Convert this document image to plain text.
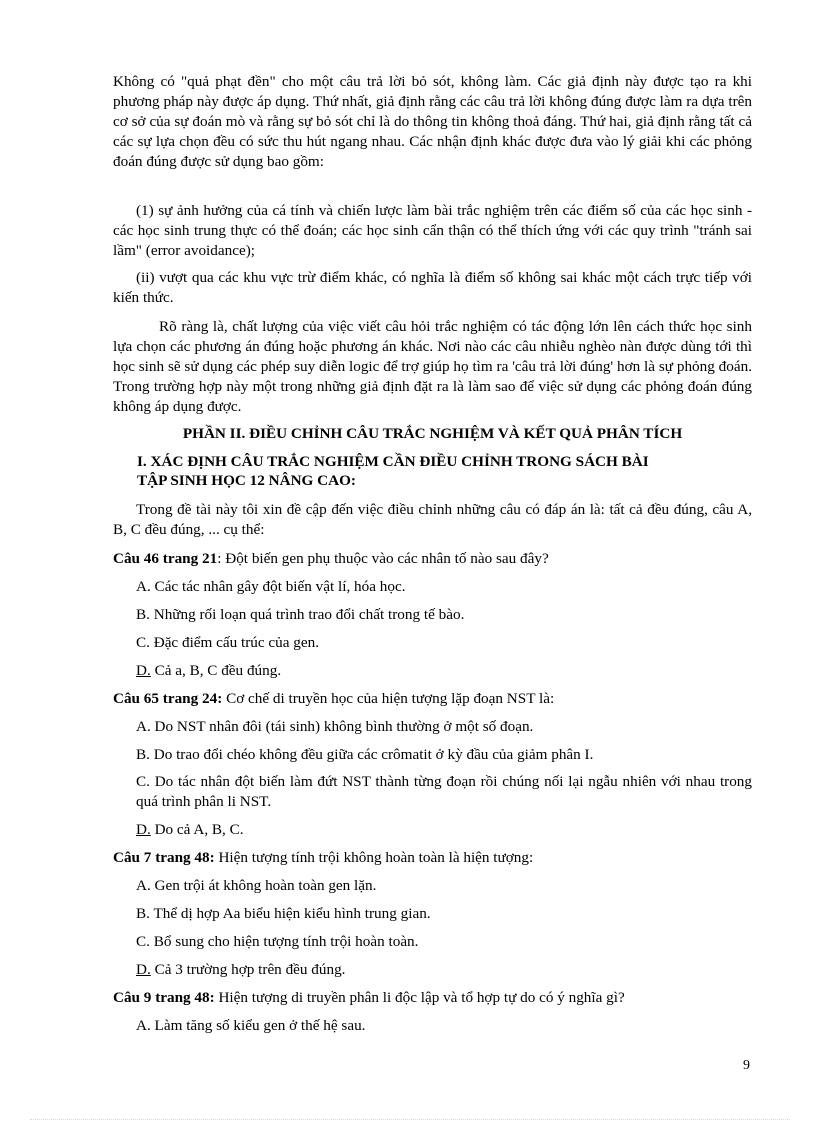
Không có "quả phạt đền" cho một câu trả lời bỏ sót, không làm. Các giả định này được tạo ra khi phương pháp này được áp dụng. Thứ nhất, giả định rằng các câu trả lời không đúng được làm ra dựa trên cơ sở của sự đoán mò và rằng sự bỏ sót chỉ là do thông tin không thoả đáng. Thứ hai, giả định rằng tất cả các sự lựa chọn đều có sức thu hút ngang nhau. Các nhận định khác được đưa vào lý giải khi các phỏng đoán đúng được sử dụng bao gồm:

(1) sự ảnh hưởng của cá tính và chiến lược làm bài trắc nghiệm trên các điểm số của các học sinh - các học sinh trung thực có thể đoán; các học sinh cẩn thận có thể thích ứng với các quy trình "tránh sai lầm" (error avoidance);

(ii) vượt qua các khu vực trừ điểm khác, có nghĩa là điểm số không sai khác một cách trực tiếp với kiến thức.

Rõ ràng là, chất lượng của việc viết câu hỏi trắc nghiệm có tác động lớn lên cách thức học sinh lựa chọn các phương án đúng hoặc phương án khác. Nơi nào các câu nhiễu nghèo nàn được dùng tới thì học sinh sẽ sử dụng các phép suy diễn logic để trợ giúp họ tìm ra 'câu trả lời đúng' hơn là sự phỏng đoán. Trong trường hợp này một trong những giả định đặt ra là làm sao để việc sử dụng các phỏng đoán đúng không áp dụng được.

PHẦN II. ĐIỀU CHỈNH CÂU TRẮC NGHIỆM VÀ KẾT QUẢ PHÂN TÍCH
I. XÁC ĐỊNH CÂU TRẮC NGHIỆM CẦN ĐIỀU CHỈNH TRONG SÁCH BÀI
TẬP SINH HỌC 12 NÂNG CAO:
Trong đề tài này tôi xin đề cập đến việc điều chỉnh những câu có đáp án là: tất cả đều đúng, câu A, B, C đều đúng, ... cụ thể:
Câu 46 trang 21: Đột biến gen phụ thuộc vào các nhân tố nào sau đây?
A. Các tác nhân gây đột biến vật lí, hóa học.
B. Những rối loạn quá trình trao đổi chất trong tế bào.
C. Đặc điểm cấu trúc của gen.
D. Cả a, B, C đều đúng.
Câu 65 trang 24: Cơ chế di truyền học của hiện tượng lặp đoạn NST là:
A. Do NST nhân đôi (tái sinh) không bình thường ở một số đoạn.
B. Do trao đổi chéo không đều giữa các crômatit ở kỳ đầu của giảm phân I.
C. Do tác nhân đột biến làm đứt NST thành từng đoạn rồi chúng nối lại ngẫu nhiên với nhau trong quá trình phân li NST.
D. Do cả A, B, C.
Câu 7 trang 48: Hiện tượng tính trội không hoàn toàn là hiện tượng:
A. Gen trội át không hoàn toàn gen lặn.
B. Thể dị hợp Aa biểu hiện kiểu hình trung gian.
C. Bổ sung cho hiện tượng tính trội hoàn toàn.
D. Cả 3 trường hợp trên đều đúng.
Câu 9 trang 48: Hiện tượng di truyền phân li độc lập và tổ hợp tự do có ý nghĩa gì?
A. Làm tăng số kiểu gen ở thế hệ sau.
9
